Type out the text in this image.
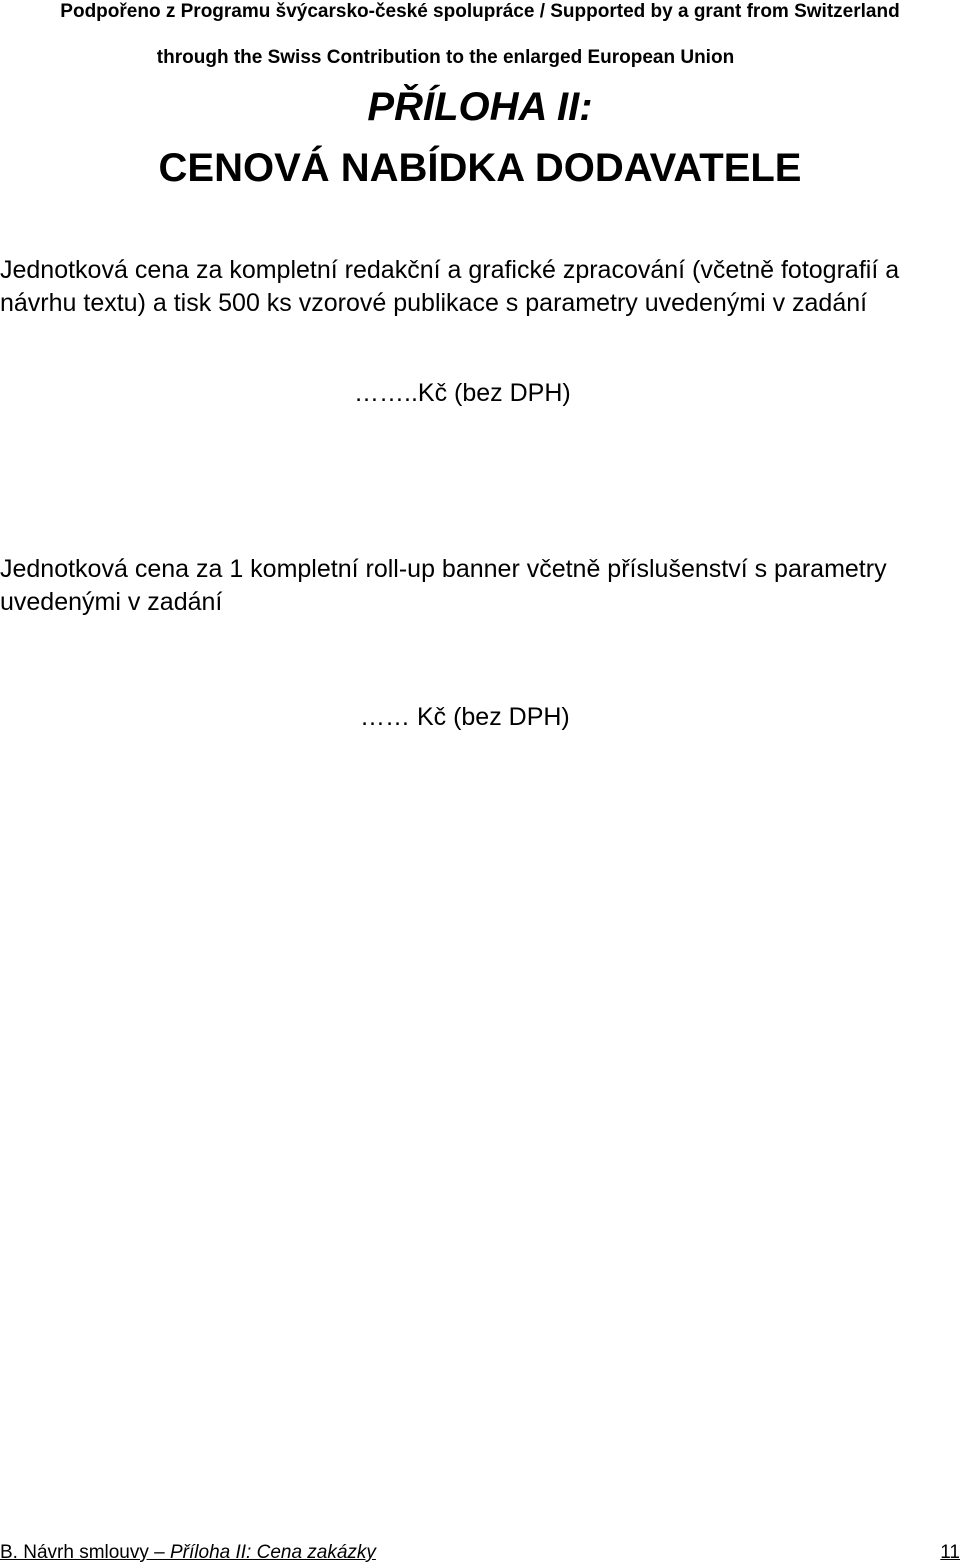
Podpořeno z Programu švýcarsko-české spolupráce / Supported by a grant from Switzerland
through the Swiss Contribution to the enlarged European Union
PŘÍLOHA II:
CENOVÁ NABÍDKA DODAVATELE
Jednotková cena za kompletní redakční a grafické zpracování (včetně fotografií a návrhu textu) a tisk 500 ks vzorové publikace s parametry uvedenými v zadání
……..Kč (bez DPH)
Jednotková cena za 1 kompletní roll-up banner včetně příslušenství s parametry uvedenými v zadání
…… Kč (bez DPH)
B. Návrh smlouvy – Příloha II: Cena zakázky	11
